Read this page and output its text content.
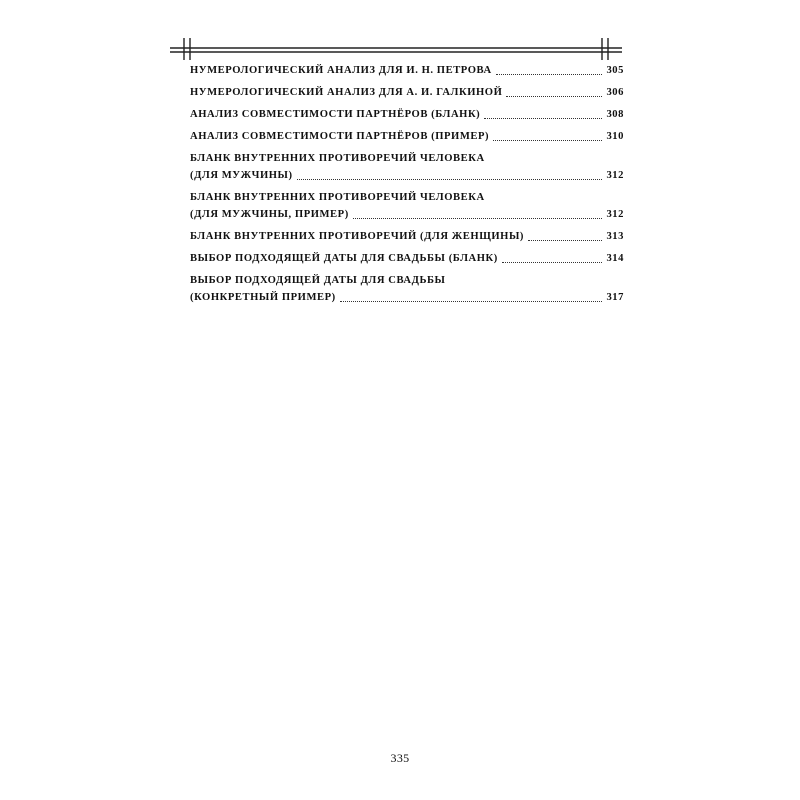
НУМЕРОЛОГИЧЕСКИЙ АНАЛИЗ ДЛЯ И. Н. ПЕТРОВА	305
НУМЕРОЛОГИЧЕСКИЙ АНАЛИЗ ДЛЯ А. И. ГАЛКИНОЙ	306
АНАЛИЗ СОВМЕСТИМОСТИ ПАРТНЁРОВ (БЛАНК)	308
АНАЛИЗ СОВМЕСТИМОСТИ ПАРТНЁРОВ (ПРИМЕР)	310
БЛАНК ВНУТРЕННИХ ПРОТИВОРЕЧИЙ ЧЕЛОВЕКА
(ДЛЯ МУЖЧИНЫ)	312
БЛАНК ВНУТРЕННИХ ПРОТИВОРЕЧИЙ ЧЕЛОВЕКА
(ДЛЯ МУЖЧИНЫ, ПРИМЕР)	312
БЛАНК ВНУТРЕННИХ ПРОТИВОРЕЧИЙ (ДЛЯ ЖЕНЩИНЫ)	313
ВЫБОР ПОДХОДЯЩЕЙ ДАТЫ ДЛЯ СВАДЬБЫ (БЛАНК)	314
ВЫБОР ПОДХОДЯЩЕЙ ДАТЫ ДЛЯ СВАДЬБЫ
(КОНКРЕТНЫЙ ПРИМЕР)	317
335
